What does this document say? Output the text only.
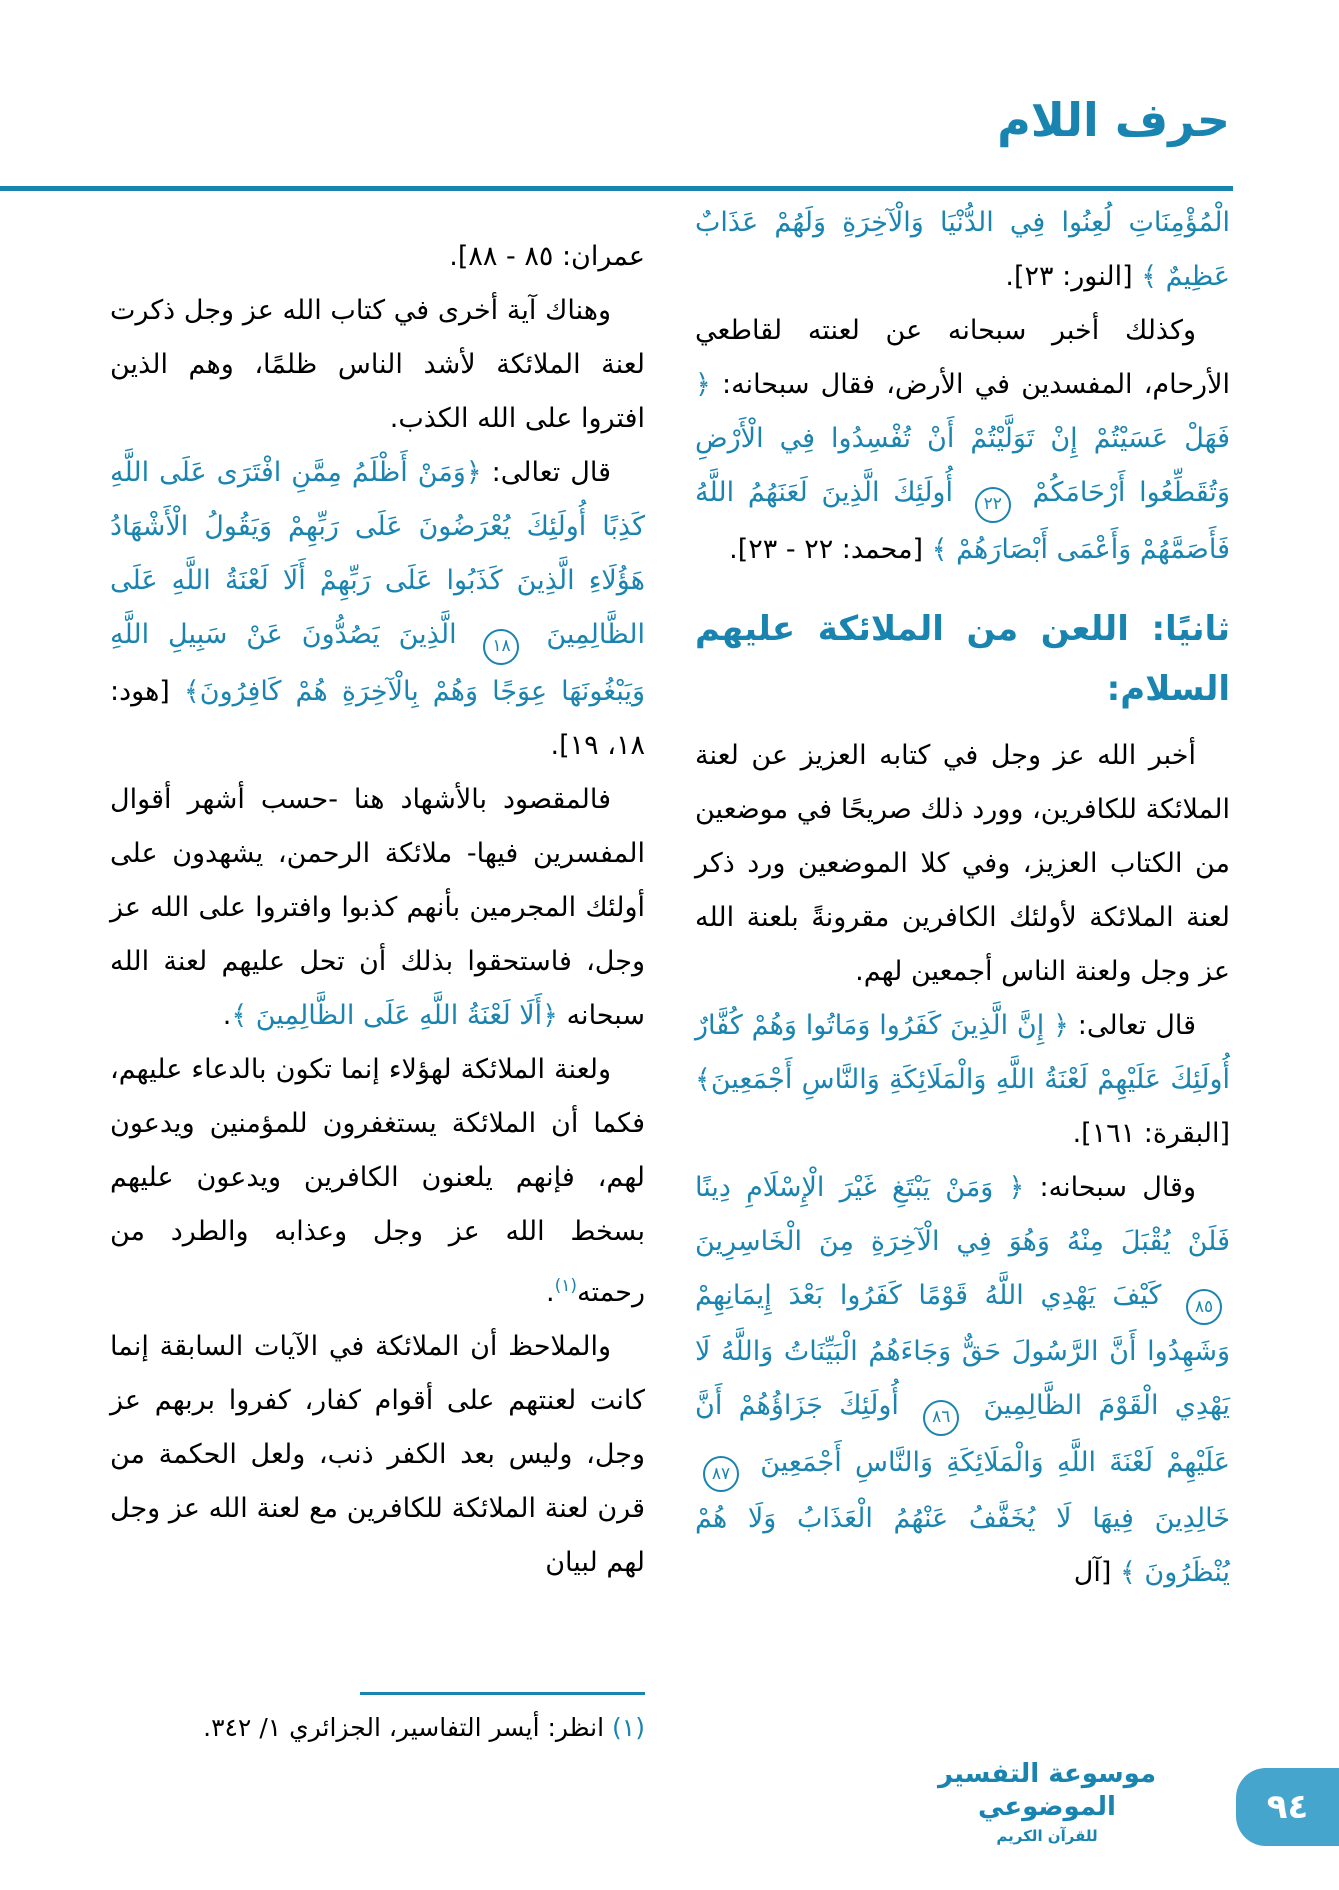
حرف اللام

الْمُؤْمِنَاتِ لُعِنُوا فِي الدُّنْيَا وَالْآخِرَةِ وَلَهُمْ عَذَابٌ عَظِيمٌ ﴾ [النور: ٢٣].

وكذلك أخبر سبحانه عن لعنته لقاطعي الأرحام، المفسدين في الأرض، فقال سبحانه: ﴿ فَهَلْ عَسَيْتُمْ إِنْ تَوَلَّيْتُمْ أَنْ تُفْسِدُوا فِي الْأَرْضِ وَتُقَطِّعُوا أَرْحَامَكُمْ ٢٢ أُولَئِكَ الَّذِينَ لَعَنَهُمُ اللَّهُ فَأَصَمَّهُمْ وَأَعْمَى أَبْصَارَهُمْ ﴾ [محمد: ٢٢ - ٢٣].

ثانيًا: اللعن من الملائكة عليهم السلام:

أخبر الله عز وجل في كتابه العزيز عن لعنة الملائكة للكافرين، وورد ذلك صريحًا في موضعين من الكتاب العزيز، وفي كلا الموضعين ورد ذكر لعنة الملائكة لأولئك الكافرين مقرونةً بلعنة الله عز وجل ولعنة الناس أجمعين لهم.

قال تعالى: ﴿ إِنَّ الَّذِينَ كَفَرُوا وَمَاتُوا وَهُمْ كُفَّارٌ أُولَئِكَ عَلَيْهِمْ لَعْنَةُ اللَّهِ وَالْمَلَائِكَةِ وَالنَّاسِ أَجْمَعِينَ﴾ [البقرة: ١٦١].

وقال سبحانه: ﴿ وَمَنْ يَبْتَغِ غَيْرَ الْإِسْلَامِ دِينًا فَلَنْ يُقْبَلَ مِنْهُ وَهُوَ فِي الْآخِرَةِ مِنَ الْخَاسِرِينَ ٨٥ كَيْفَ يَهْدِي اللَّهُ قَوْمًا كَفَرُوا بَعْدَ إِيمَانِهِمْ وَشَهِدُوا أَنَّ الرَّسُولَ حَقٌّ وَجَاءَهُمُ الْبَيِّنَاتُ وَاللَّهُ لَا يَهْدِي الْقَوْمَ الظَّالِمِينَ ٨٦ أُولَئِكَ جَزَاؤُهُمْ أَنَّ عَلَيْهِمْ لَعْنَةَ اللَّهِ وَالْمَلَائِكَةِ وَالنَّاسِ أَجْمَعِينَ ٨٧ خَالِدِينَ فِيهَا لَا يُخَفَّفُ عَنْهُمُ الْعَذَابُ وَلَا هُمْ يُنْظَرُونَ ﴾ [آل

عمران: ٨٥ - ٨٨].

وهناك آية أخرى في كتاب الله عز وجل ذكرت لعنة الملائكة لأشد الناس ظلمًا، وهم الذين افتروا على الله الكذب.

قال تعالى: ﴿وَمَنْ أَظْلَمُ مِمَّنِ افْتَرَى عَلَى اللَّهِ كَذِبًا أُولَئِكَ يُعْرَضُونَ عَلَى رَبِّهِمْ وَيَقُولُ الْأَشْهَادُ هَؤُلَاءِ الَّذِينَ كَذَبُوا عَلَى رَبِّهِمْ أَلَا لَعْنَةُ اللَّهِ عَلَى الظَّالِمِينَ ١٨ الَّذِينَ يَصُدُّونَ عَنْ سَبِيلِ اللَّهِ وَيَبْغُونَهَا عِوَجًا وَهُمْ بِالْآخِرَةِ هُمْ كَافِرُونَ﴾ [هود: ١٨، ١٩].

فالمقصود بالأشهاد هنا -حسب أشهر أقوال المفسرين فيها- ملائكة الرحمن، يشهدون على أولئك المجرمين بأنهم كذبوا وافتروا على الله عز وجل، فاستحقوا بذلك أن تحل عليهم لعنة الله سبحانه ﴿أَلَا لَعْنَةُ اللَّهِ عَلَى الظَّالِمِينَ ﴾.

ولعنة الملائكة لهؤلاء إنما تكون بالدعاء عليهم، فكما أن الملائكة يستغفرون للمؤمنين ويدعون لهم، فإنهم يلعنون الكافرين ويدعون عليهم بسخط الله عز وجل وعذابه والطرد من رحمته$^{(١)}$.

والملاحظ أن الملائكة في الآيات السابقة إنما كانت لعنتهم على أقوام كفار، كفروا بربهم عز وجل، وليس بعد الكفر ذنب، ولعل الحكمة من قرن لعنة الملائكة للكافرين مع لعنة الله عز وجل لهم لبيان

(١) انظر: أيسر التفاسير، الجزائري ١/ ٣٤٢.

موسوعة التفسير الموضوعي
للقرآن الكريم
٩٤
